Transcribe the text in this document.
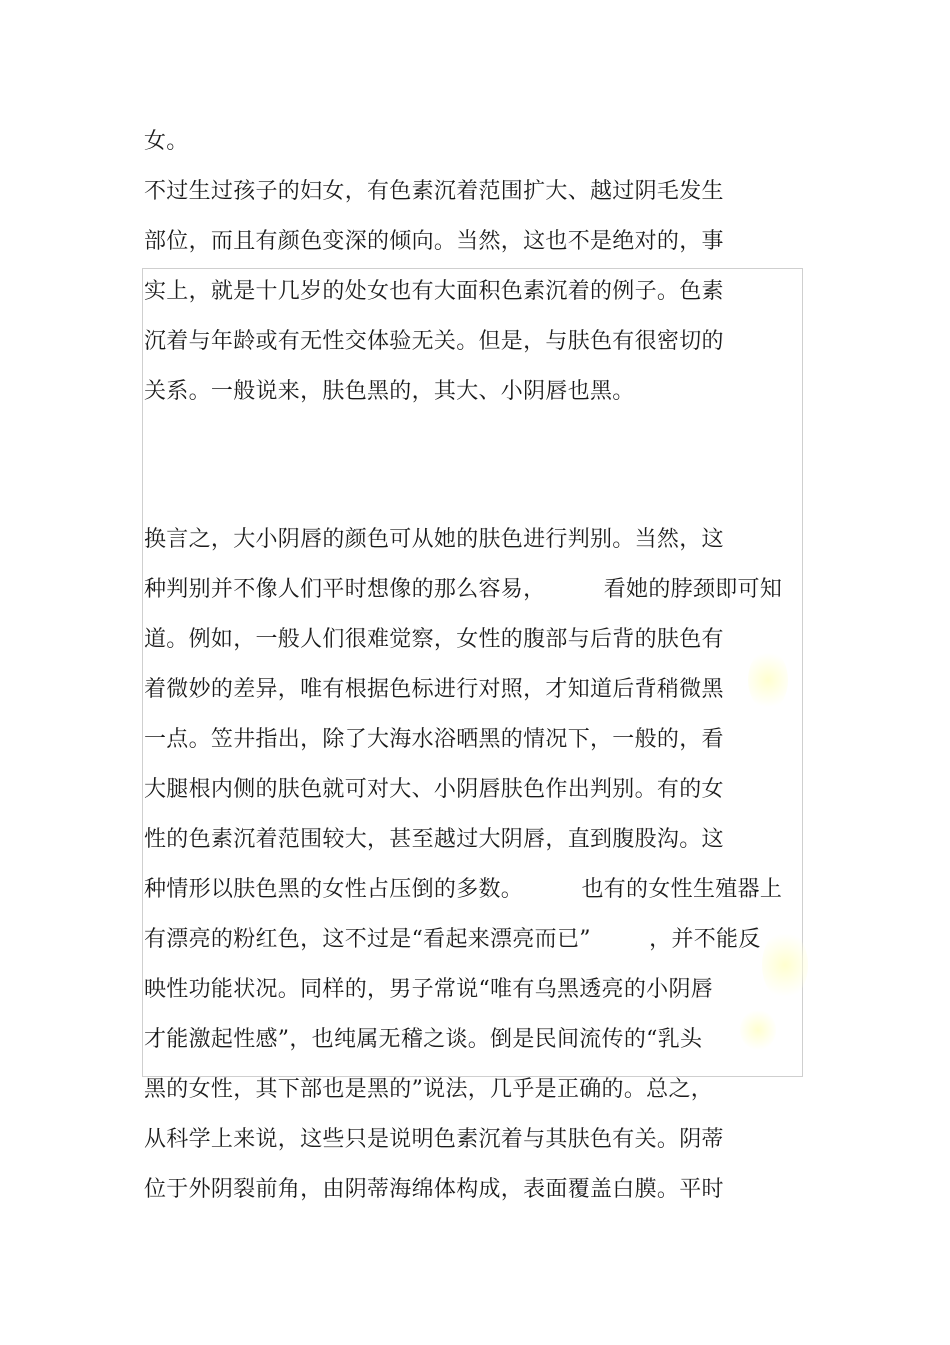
女。
不过生过孩子的妇女，有色素沉着范围扩大、越过阴毛发生
部位，而且有颜色变深的倾向。当然，这也不是绝对的，事
实上，就是十几岁的处女也有大面积色素沉着的例子。色素
沉着与年龄或有无性交体验无关。但是，与肤色有很密切的
关系。一般说来，肤色黑的，其大、小阴唇也黑。
换言之，大小阴唇的颜色可从她的肤色进行判别。当然，这
种判别并不像人们平时想像的那么容易，        看她的脖颈即可知
道。例如，一般人们很难觉察，女性的腹部与后背的肤色有
着微妙的差异，唯有根据色标进行对照，才知道后背稍微黑
一点。笠井指出，除了大海水浴晒黑的情况下，一般的，看
大腿根内侧的肤色就可对大、小阴唇肤色作出判别。有的女
性的色素沉着范围较大，甚至越过大阴唇，直到腹股沟。这
种情形以肤色黑的女性占压倒的多数。        也有的女性生殖器上
有漂亮的粉红色，这不过是“看起来漂亮而已”        ，并不能反
映性功能状况。同样的，男子常说“唯有乌黑透亮的小阴唇
才能激起性感”，也纯属无稽之谈。倒是民间流传的“乳头
黑的女性，其下部也是黑的”说法，几乎是正确的。总之，
从科学上来说，这些只是说明色素沉着与其肤色有关。阴蒂
位于外阴裂前角，由阴蒂海绵体构成，表面覆盖白膜。平时
